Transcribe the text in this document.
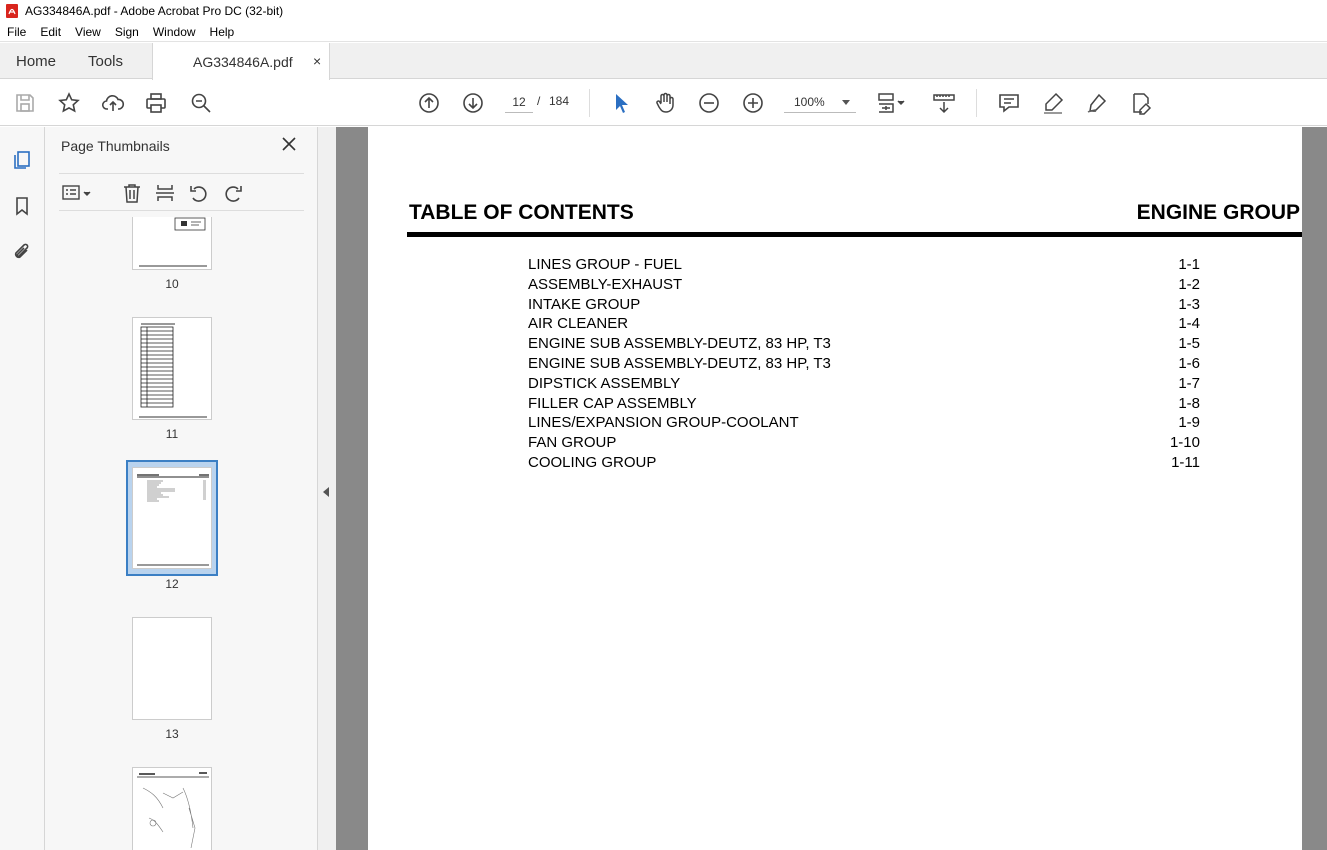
AG334846A.pdf - Adobe Acrobat Pro DC (32-bit)
File	Edit	View	Sign	Window	Help
Home Tools	AG334846A.pdf ×
12 / 184	100%
Page Thumbnails
10
11
12
13
TABLE OF CONTENTS	ENGINE GROUP
LINES GROUP - FUEL	1-1
ASSEMBLY-EXHAUST	1-2
INTAKE GROUP	1-3
AIR CLEANER	1-4
ENGINE SUB ASSEMBLY-DEUTZ, 83 HP, T3	1-5
ENGINE SUB ASSEMBLY-DEUTZ, 83 HP, T3	1-6
DIPSTICK ASSEMBLY	1-7
FILLER CAP ASSEMBLY	1-8
LINES/EXPANSION GROUP-COOLANT	1-9
FAN GROUP	1-10
COOLING GROUP	1-11
